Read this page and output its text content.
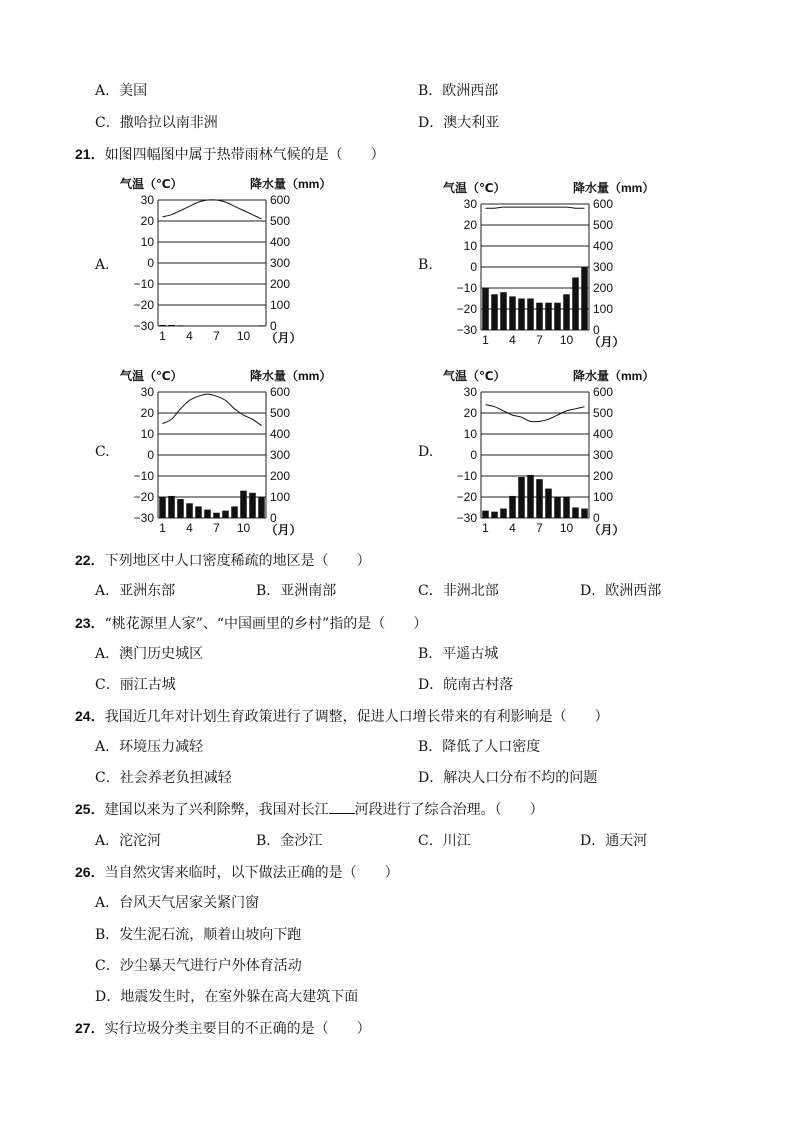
A．美国	B．欧洲西部
C．撒哈拉以南非洲	D．澳大利亚
21．如图四幅图中属于热带雨林气候的是（　　）
A.	B.
C.	D.
气温（℃）	降水量（mm）
30	600
20	500
10	400
0	300
−10	200
−20	100
−30	0
1 4 7 10 （月）
气温（℃）	降水量（mm）
30	600
20	500
10	400
0	300
−10	200
−20	100
−30	0
1 4 7 10 （月）
气温（℃）	降水量（mm）
30	600
20	500
10	400
0	300
−10	200
−20	100
−30	0
1 4 7 10 （月）
气温（℃）	降水量（mm）
30	600
20	500
10	400
0	300
−10	200
−20	100
−30	0
1 4 7 10 （月）
22．下列地区中人口密度稀疏的地区是（　　）
A．亚洲东部	B．亚洲南部	C．非洲北部	D．欧洲西部
23．“桃花源里人家”、“中国画里的乡村”指的是（　　）
A．澳门历史城区	B．平遥古城
C．丽江古城	D．皖南古村落
24．我国近几年对计划生育政策进行了调整，促进人口增长带来的有利影响是（　　）
A．环境压力减轻	B．降低了人口密度
C．社会养老负担减轻	D．解决人口分布不均的问题
25．建国以来为了兴利除弊，我国对长江 河段进行了综合治理。（　　）
A．沱沱河	B．金沙江	C．川江	D．通天河
26．当自然灾害来临时，以下做法正确的是（　　）
A．台风天气居家关紧门窗
B．发生泥石流，顺着山坡向下跑
C．沙尘暴天气进行户外体育活动
D．地震发生时，在室外躲在高大建筑下面
27．实行垃圾分类主要目的不正确的是（　　）
